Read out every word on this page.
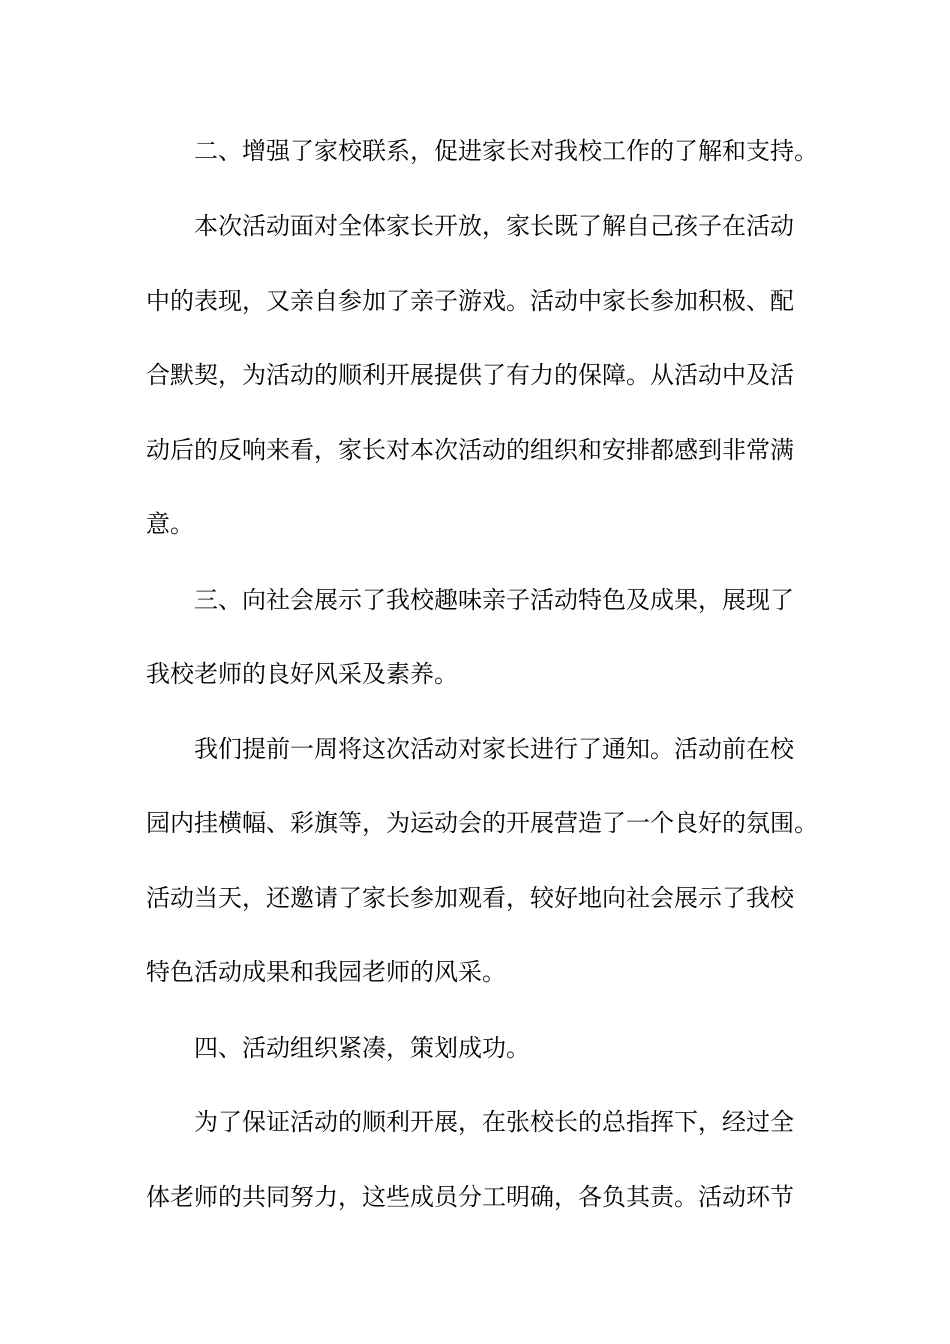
二、增强了家校联系，促进家长对我校工作的了解和支持。
本次活动面对全体家长开放，家长既了解自己孩子在活动
中的表现，又亲自参加了亲子游戏。活动中家长参加积极、配
合默契，为活动的顺利开展提供了有力的保障。从活动中及活
动后的反响来看，家长对本次活动的组织和安排都感到非常满
意。
三、向社会展示了我校趣味亲子活动特色及成果，展现了
我校老师的良好风采及素养。
我们提前一周将这次活动对家长进行了通知。活动前在校
园内挂横幅、彩旗等，为运动会的开展营造了一个良好的氛围。
活动当天，还邀请了家长参加观看，较好地向社会展示了我校
特色活动成果和我园老师的风采。
四、活动组织紧凑，策划成功。
为了保证活动的顺利开展，在张校长的总指挥下，经过全
体老师的共同努力，这些成员分工明确，各负其责。活动环节
